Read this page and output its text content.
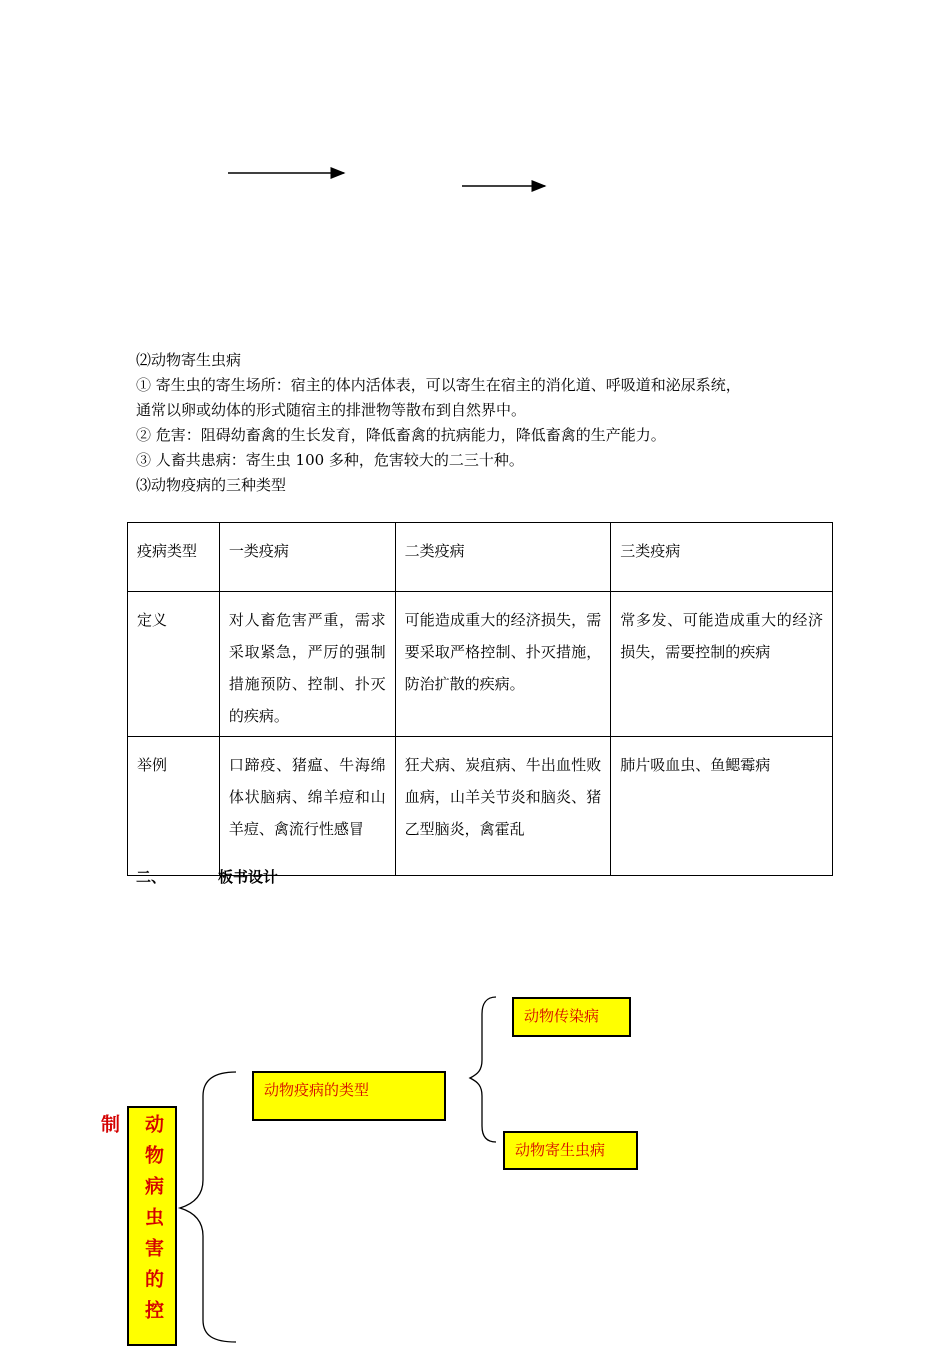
⑵动物寄生虫病
① 寄生虫的寄生场所：宿主的体内活体表，可以寄生在宿主的消化道、呼吸道和泌尿系统，
通常以卵或幼体的形式随宿主的排泄物等散布到自然界中。
② 危害：阻碍幼畜禽的生长发育，降低畜禽的抗病能力，降低畜禽的生产能力。
③ 人畜共患病：寄生虫 100 多种，危害较大的二三十种。
⑶动物疫病的三种类型
疫病类型	一类疫病	二类疫病	三类疫病
定义	对人畜危害严重，需求采取紧急，严厉的强制措施预防、控制、扑灭的疾病。	可能造成重大的经济损失，需要采取严格控制、扑灭措施，防治扩散的疾病。	常多发、可能造成重大的经济损失，需要控制的疾病
举例	口蹄疫、猪瘟、牛海绵体状脑病、绵羊痘和山羊痘、禽流行性感冒	狂犬病、炭疽病、牛出血性败血病，山羊关节炎和脑炎、猪乙型脑炎，禽霍乱	肺片吸血虫、鱼鳃霉病
二、	板书设计
动物病虫害的控制
动物疫病的类型
动物传染病
动物寄生虫病
